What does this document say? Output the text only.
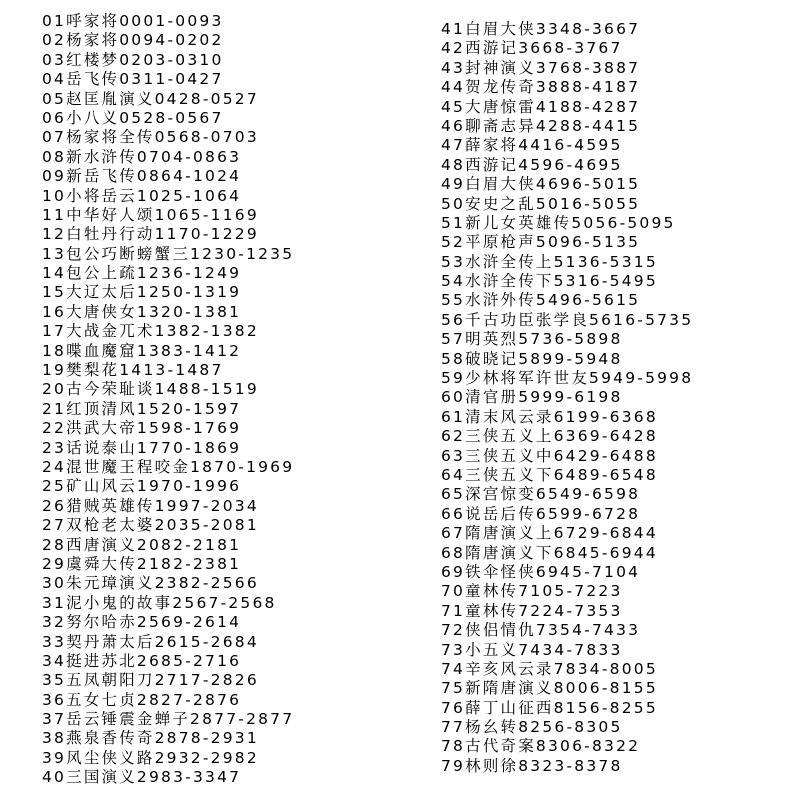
01呼家将0001-0093
02杨家将0094-0202
03红楼梦0203-0310
04岳飞传0311-0427
05赵匡胤演义0428-0527
06小八义0528-0567
07杨家将全传0568-0703
08新水浒传0704-0863
09新岳飞传0864-1024
10小将岳云1025-1064
11中华好人颂1065-1169
12白牡丹行动1170-1229
13包公巧断螃蟹三1230-1235
14包公上疏1236-1249
15大辽太后1250-1319
16大唐侠女1320-1381
17大战金兀术1382-1382
18喋血魔窟1383-1412
19樊梨花1413-1487
20古今荣耻谈1488-1519
21红顶清风1520-1597
22洪武大帝1598-1769
23话说泰山1770-1869
24混世魔王程咬金1870-1969
25矿山风云1970-1996
26猎贼英雄传1997-2034
27双枪老太婆2035-2081
28西唐演义2082-2181
29虞舜大传2182-2381
30朱元璋演义2382-2566
31泥小鬼的故事2567-2568
32努尔哈赤2569-2614
33契丹萧太后2615-2684
34挺进苏北2685-2716
35五凤朝阳刀2717-2826
36五女七贞2827-2876
37岳云锤震金蝉子2877-2877
38燕泉香传奇2878-2931
39风尘侠义路2932-2982
40三国演义2983-3347
41白眉大侠3348-3667
42西游记3668-3767
43封神演义3768-3887
44贺龙传奇3888-4187
45大唐惊雷4188-4287
46聊斋志异4288-4415
47薛家将4416-4595
48西游记4596-4695
49白眉大侠4696-5015
50安史之乱5016-5055
51新儿女英雄传5056-5095
52平原枪声5096-5135
53水浒全传上5136-5315
54水浒全传下5316-5495
55水浒外传5496-5615
56千古功臣张学良5616-5735
57明英烈5736-5898
58破晓记5899-5948
59少林将军许世友5949-5998
60清官册5999-6198
61清末风云录6199-6368
62三侠五义上6369-6428
63三侠五义中6429-6488
64三侠五义下6489-6548
65深宫惊变6549-6598
66说岳后传6599-6728
67隋唐演义上6729-6844
68隋唐演义下6845-6944
69铁伞怪侠6945-7104
70童林传7105-7223
71童林传7224-7353
72侠侣情仇7354-7433
73小五义7434-7833
74辛亥风云录7834-8005
75新隋唐演义8006-8155
76薛丁山征西8156-8255
77杨幺转8256-8305
78古代奇案8306-8322
79林则徐8323-8378
